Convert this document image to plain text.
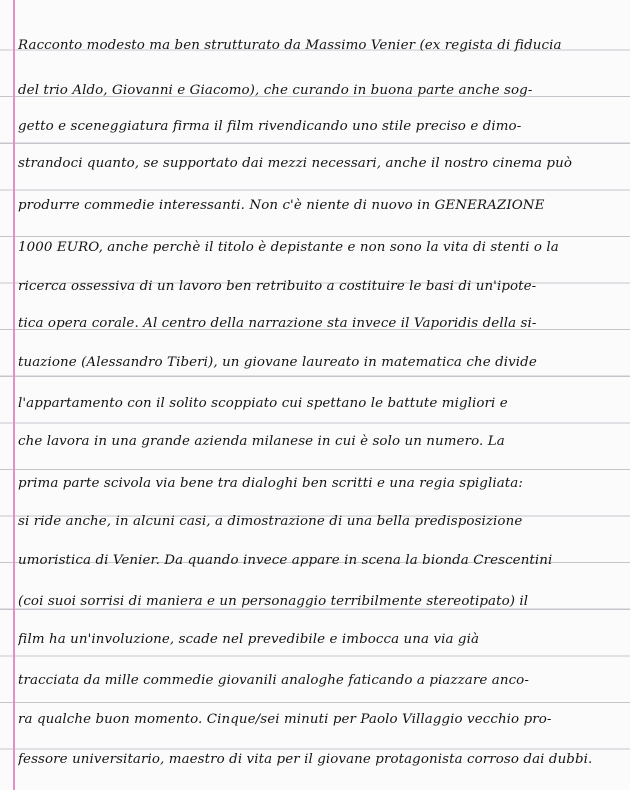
Racconto modesto ma ben strutturato da Massimo Venier (ex regista di fiducia
del trio Aldo, Giovanni e Giacomo), che curando in buona parte anche sog-
getto e sceneggiatura firma il film rivendicando uno stile preciso e dimo-
strandoci quanto, se supportato dai mezzi necessari, anche il nostro cinema può
produrre commedie interessanti. Non c'è niente di nuovo in GENERAZIONE
1000 EURO, anche perchè il titolo è depistante e non sono la vita di stenti o la
ricerca ossessiva di un lavoro ben retribuito a costituire le basi di un'ipote-
tica opera corale. Al centro della narrazione sta invece il Vaporidis della si-
tuazione (Alessandro Tiberi), un giovane laureato in matematica che divide
l'appartamento con il solito scoppiato cui spettano le battute migliori e
che lavora in una grande azienda milanese in cui è solo un numero. La
prima parte scivola via bene tra dialoghi ben scritti e una regia spigliata:
si ride anche, in alcuni casi, a dimostrazione di una bella predisposizione
umoristica di Venier. Da quando invece appare in scena la bionda Crescentini
(coi suoi sorrisi di maniera e un personaggio terribilmente stereotipato) il
film ha un'involuzione, scade nel prevedibile e imbocca una via già
tracciata da mille commedie giovanili analoghe faticando a piazzare anco-
ra qualche buon momento. Cinque/sei minuti per Paolo Villaggio vecchio pro-
fessore universitario, maestro di vita per il giovane protagonista corroso dai dubbi.
